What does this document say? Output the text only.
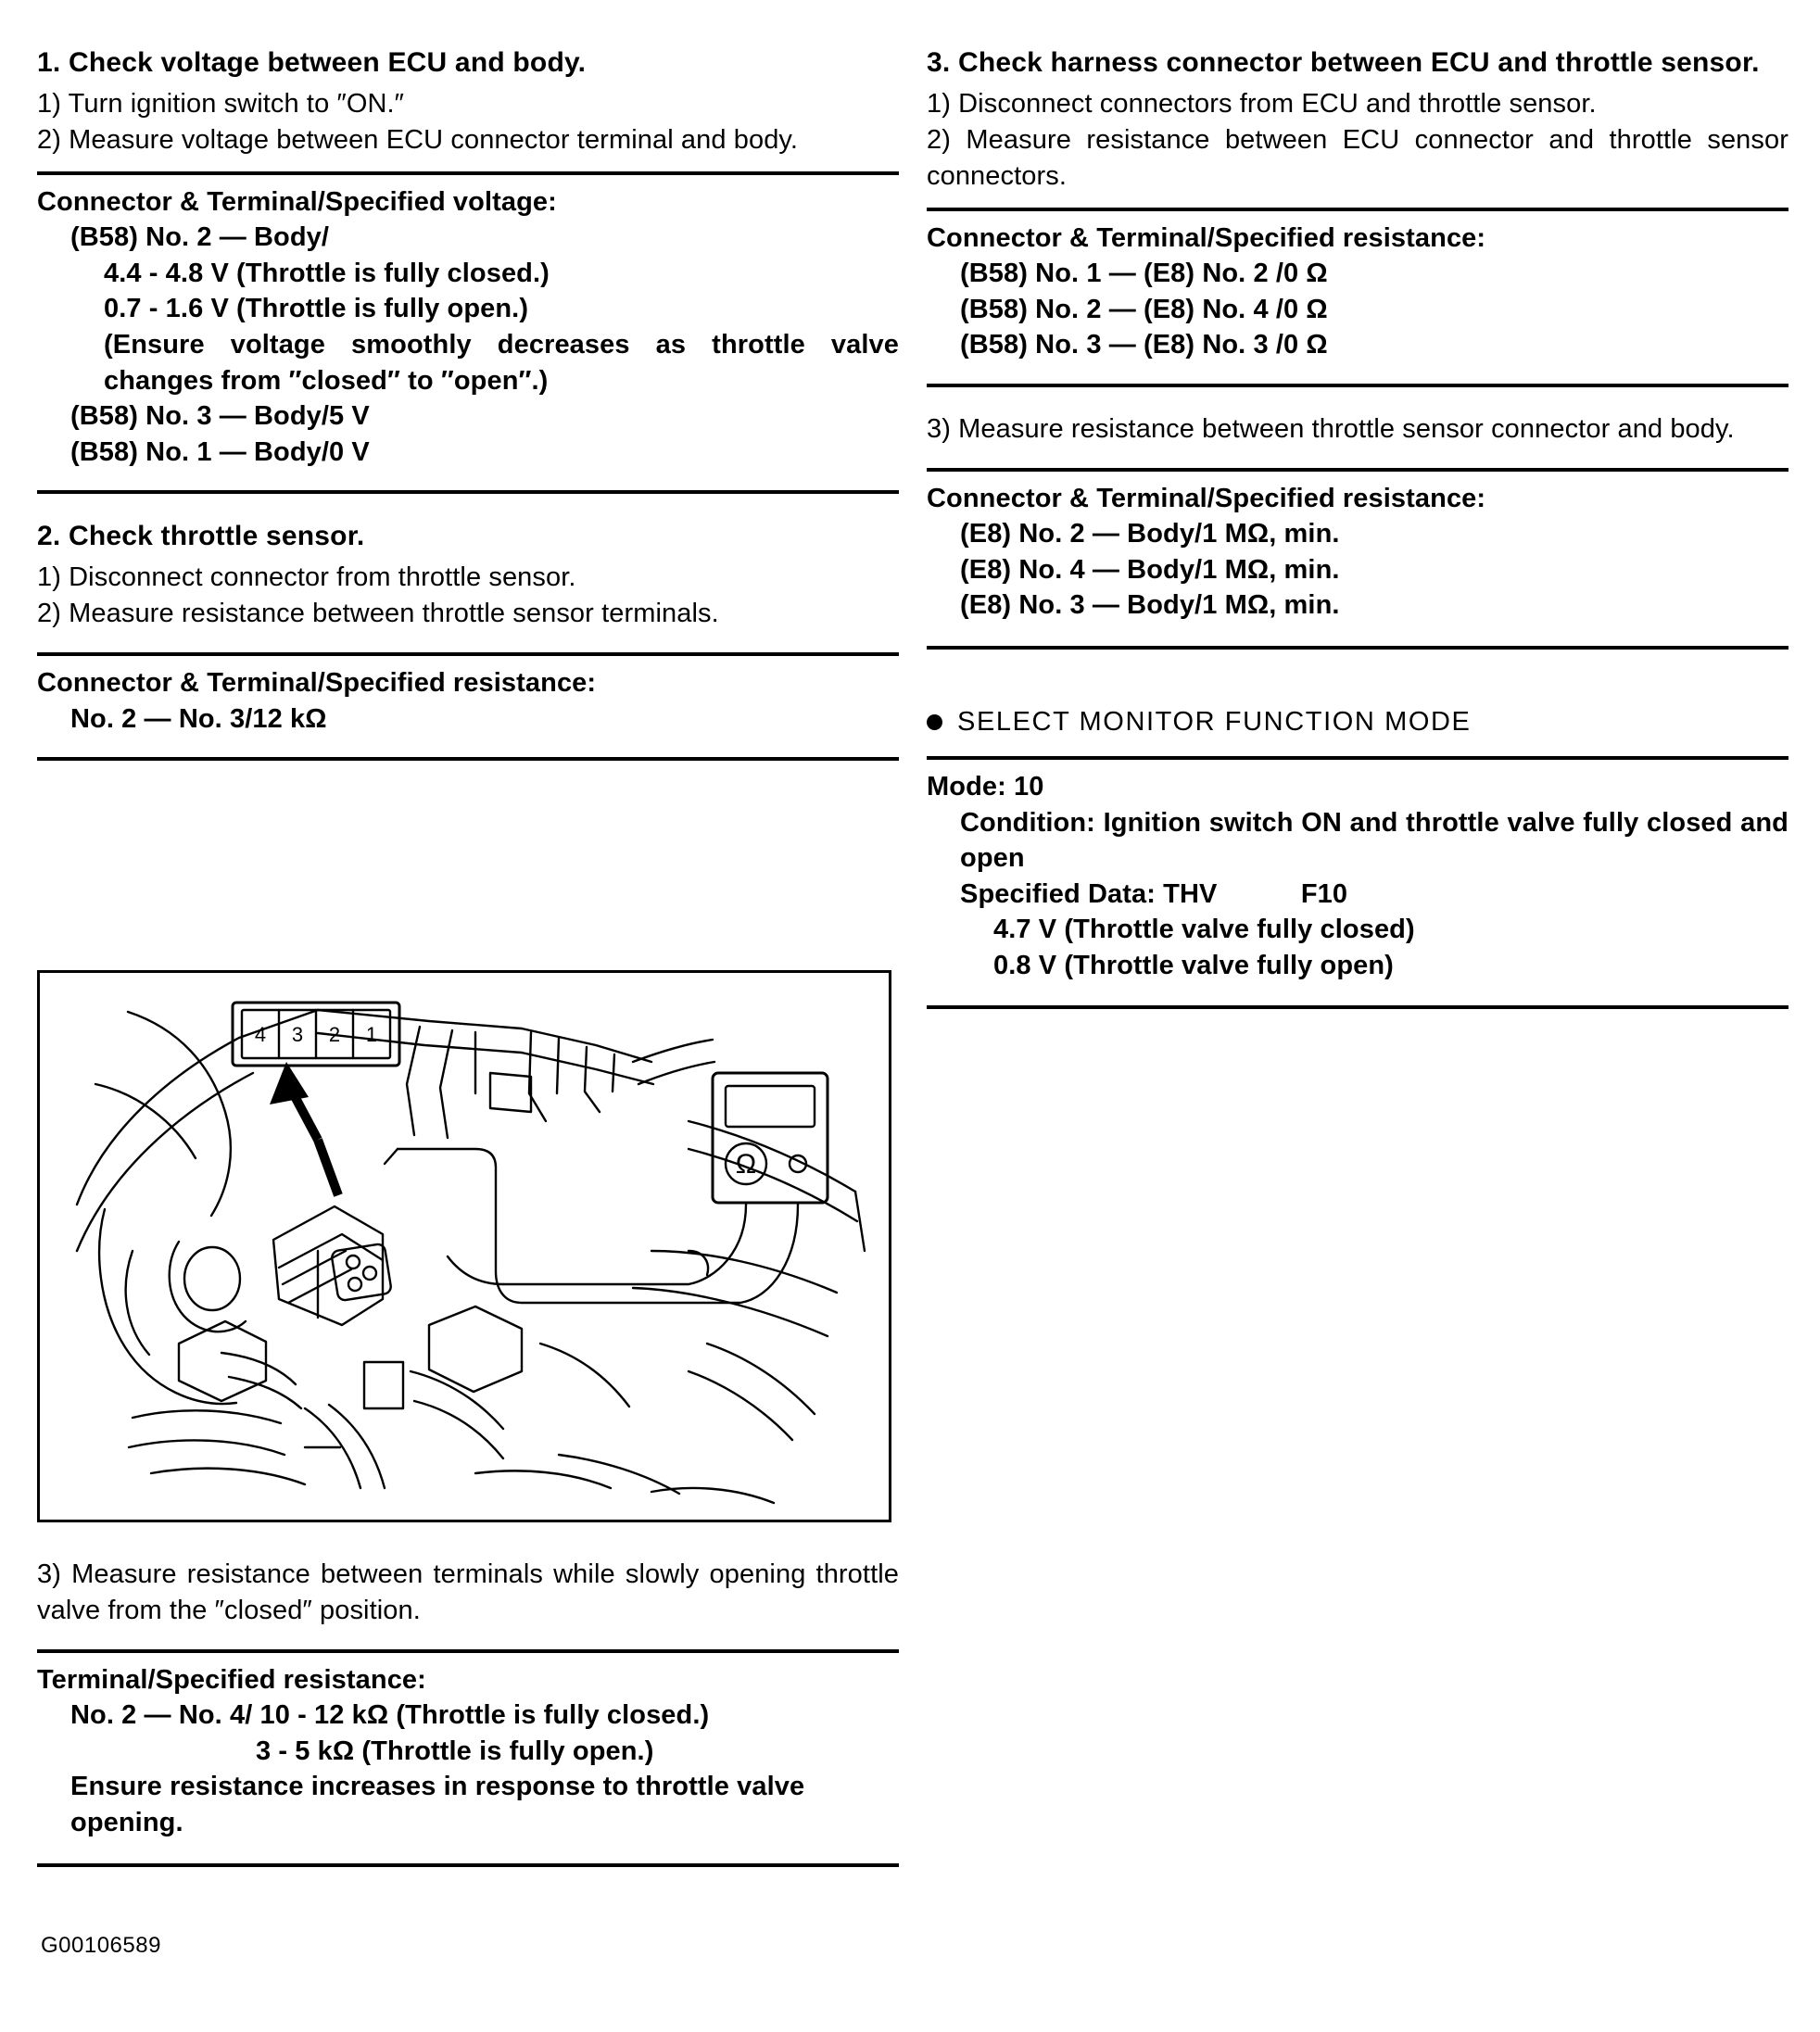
1. Check voltage between ECU and body.
1) Turn ignition switch to ″ON.″
2) Measure voltage between ECU connector terminal and body.
Connector & Terminal/Specified voltage:
(B58) No. 2 — Body/
4.4 - 4.8 V (Throttle is fully closed.)
0.7 - 1.6 V (Throttle is fully open.)
(Ensure voltage smoothly decreases as throttle valve changes from ″closed″ to ″open″.)
(B58) No. 3 — Body/5 V
(B58) No. 1 — Body/0 V
2. Check throttle sensor.
1) Disconnect connector from throttle sensor.
2) Measure resistance between throttle sensor terminals.
Connector & Terminal/Specified resistance:
No. 2 — No. 3/12 kΩ
4 3 2 1
Ω
3) Measure resistance between terminals while slowly opening throttle valve from the ″closed″ position.
Terminal/Specified resistance:
No. 2 — No. 4/ 10 - 12 kΩ (Throttle is fully closed.)
3 - 5 kΩ (Throttle is fully open.)
Ensure resistance increases in response to throttle valve opening.
3. Check harness connector between ECU and throttle sensor.
1) Disconnect connectors from ECU and throttle sensor.
2) Measure resistance between ECU connector and throttle sensor connectors.
Connector & Terminal/Specified resistance:
(B58) No. 1 — (E8) No. 2 /0 Ω
(B58) No. 2 — (E8) No. 4 /0 Ω
(B58) No. 3 — (E8) No. 3 /0 Ω
3) Measure resistance between throttle sensor connector and body.
Connector & Terminal/Specified resistance:
(E8) No. 2 — Body/1 MΩ, min.
(E8) No. 4 — Body/1 MΩ, min.
(E8) No. 3 — Body/1 MΩ, min.
SELECT MONITOR FUNCTION MODE
Mode: 10
Condition: Ignition switch ON and throttle valve fully closed and open
Specified Data: THV	F10
4.7 V (Throttle valve fully closed)
0.8 V (Throttle valve fully open)
G00106589
